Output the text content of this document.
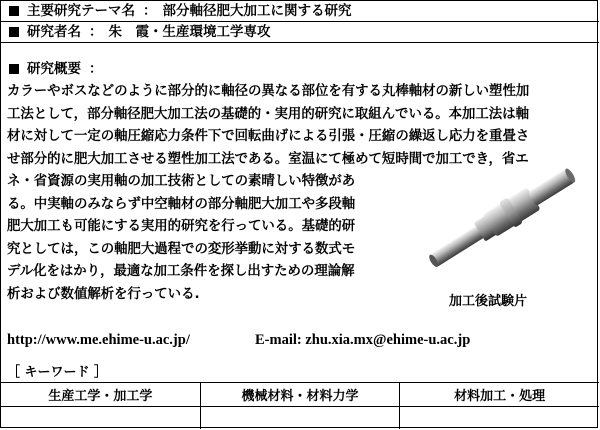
主要研究テーマ名 ： 部分軸径肥大加工に関する研究
研究者名 ： 朱　霞・生産環境工学専攻
研究概要 ：
カラーやボスなどのように部分的に軸径の異なる部位を有する丸棒軸材の新しい塑性加
工法として，部分軸径肥大加工法の基礎的・実用的研究に取組んでいる。本加工法は軸
材に対して一定の軸圧縮応力条件下で回転曲げによる引張・圧縮の繰返し応力を重畳さ
せ部分的に肥大加工させる塑性加工法である。室温にて極めて短時間で加工でき，省エ
ネ・省資源の実用軸の加工技術としての素晴しい特徴があ
る。中実軸のみならず中空軸材の部分軸肥大加工や多段軸
肥大加工も可能にする実用的研究を行っている。基礎的研
究としては，この軸肥大過程での変形挙動に対する数式モ
デル化をはかり，最適な加工条件を探し出すための理論解
析および数値解析を行っている.	加工後試験片
http://www.me.ehime-u.ac.jp/	E-mail: zhu.xia.mx@ehime-u.ac.jp
［ キーワード ］
生産工学・加工学	機械材料・材料力学	材料加工・処理
